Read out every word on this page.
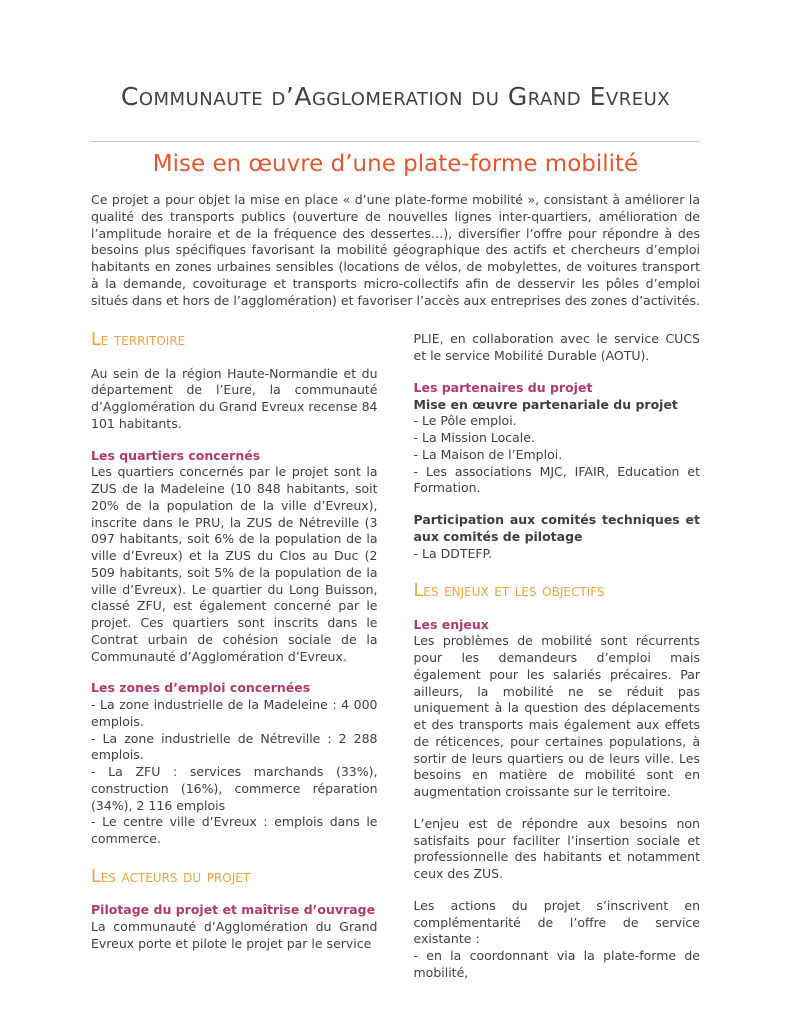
Communaute d’Agglomeration du Grand Evreux
Mise en œuvre d’une plate-forme mobilité

Ce projet a pour objet la mise en place « d’une plate-forme mobilité », consistant à améliorer la qualité des transports publics (ouverture de nouvelles lignes inter-quartiers, amélioration de l’amplitude horaire et de la fréquence des dessertes…), diversifier l’offre pour répondre à des besoins plus spécifiques favorisant la mobilité géographique des actifs et chercheurs d’emploi habitants en zones urbaines sensibles (locations de vélos, de mobylettes, de voitures transport à la demande, covoiturage et transports micro-collectifs afin de desservir les pôles d’emploi situés dans et hors de l’agglomération) et favoriser l’accès aux entreprises des zones d’activités.

Le territoire

Au sein de la région Haute-Normandie et du département de l’Eure, la communauté d’Agglomération du Grand Evreux recense 84 101 habitants.

Les quartiers concernés

Les quartiers concernés par le projet sont la ZUS de la Madeleine (10 848 habitants, soit 20% de la population de la ville d’Evreux), inscrite dans le PRU, la ZUS de Nétreville (3 097 habitants, soit 6% de la population de la ville d’Evreux) et la ZUS du Clos au Duc (2 509 habitants, soit 5% de la population de la ville d’Evreux). Le quartier du Long Buisson, classé ZFU, est également concerné par le projet. Ces quartiers sont inscrits dans le Contrat urbain de cohésion sociale de la Communauté d’Agglomération d’Evreux.

Les zones d’emploi concernées

- La zone industrielle de la Madeleine : 4 000 emplois.

- La zone industrielle de Nétreville : 2 288 emplois.

- La ZFU : services marchands (33%), construction (16%), commerce réparation (34%), 2 116 emplois

- Le centre ville d’Evreux : emplois dans le commerce.

Les acteurs du projet
Pilotage du projet et maîtrise d’ouvrage

La communauté d’Agglomération du Grand Evreux porte et pilote le projet par le service

PLIE, en collaboration avec le service CUCS et le service Mobilité Durable (AOTU).

Les partenaires du projet

Mise en œuvre partenariale du projet

- Le Pôle emploi.

- La Mission Locale.

- La Maison de l’Emploi.

- Les associations MJC, IFAIR, Education et Formation.

Participation aux comités techniques et aux comités de pilotage

- La DDTEFP.

Les enjeux et les objectifs
Les enjeux

Les problèmes de mobilité sont récurrents pour les demandeurs d’emploi mais également pour les salariés précaires. Par ailleurs, la mobilité ne se réduit pas uniquement à la question des déplacements et des transports mais également aux effets de réticences, pour certaines populations, à sortir de leurs quartiers ou de leurs ville. Les besoins en matière de mobilité sont en augmentation croissante sur le territoire.

L’enjeu est de répondre aux besoins non satisfaits pour faciliter l’insertion sociale et professionnelle des habitants et notamment ceux des ZUS.

Les actions du projet s’inscrivent en complémentarité de l’offre de service existante :

- en la coordonnant via la plate-forme de mobilité,
